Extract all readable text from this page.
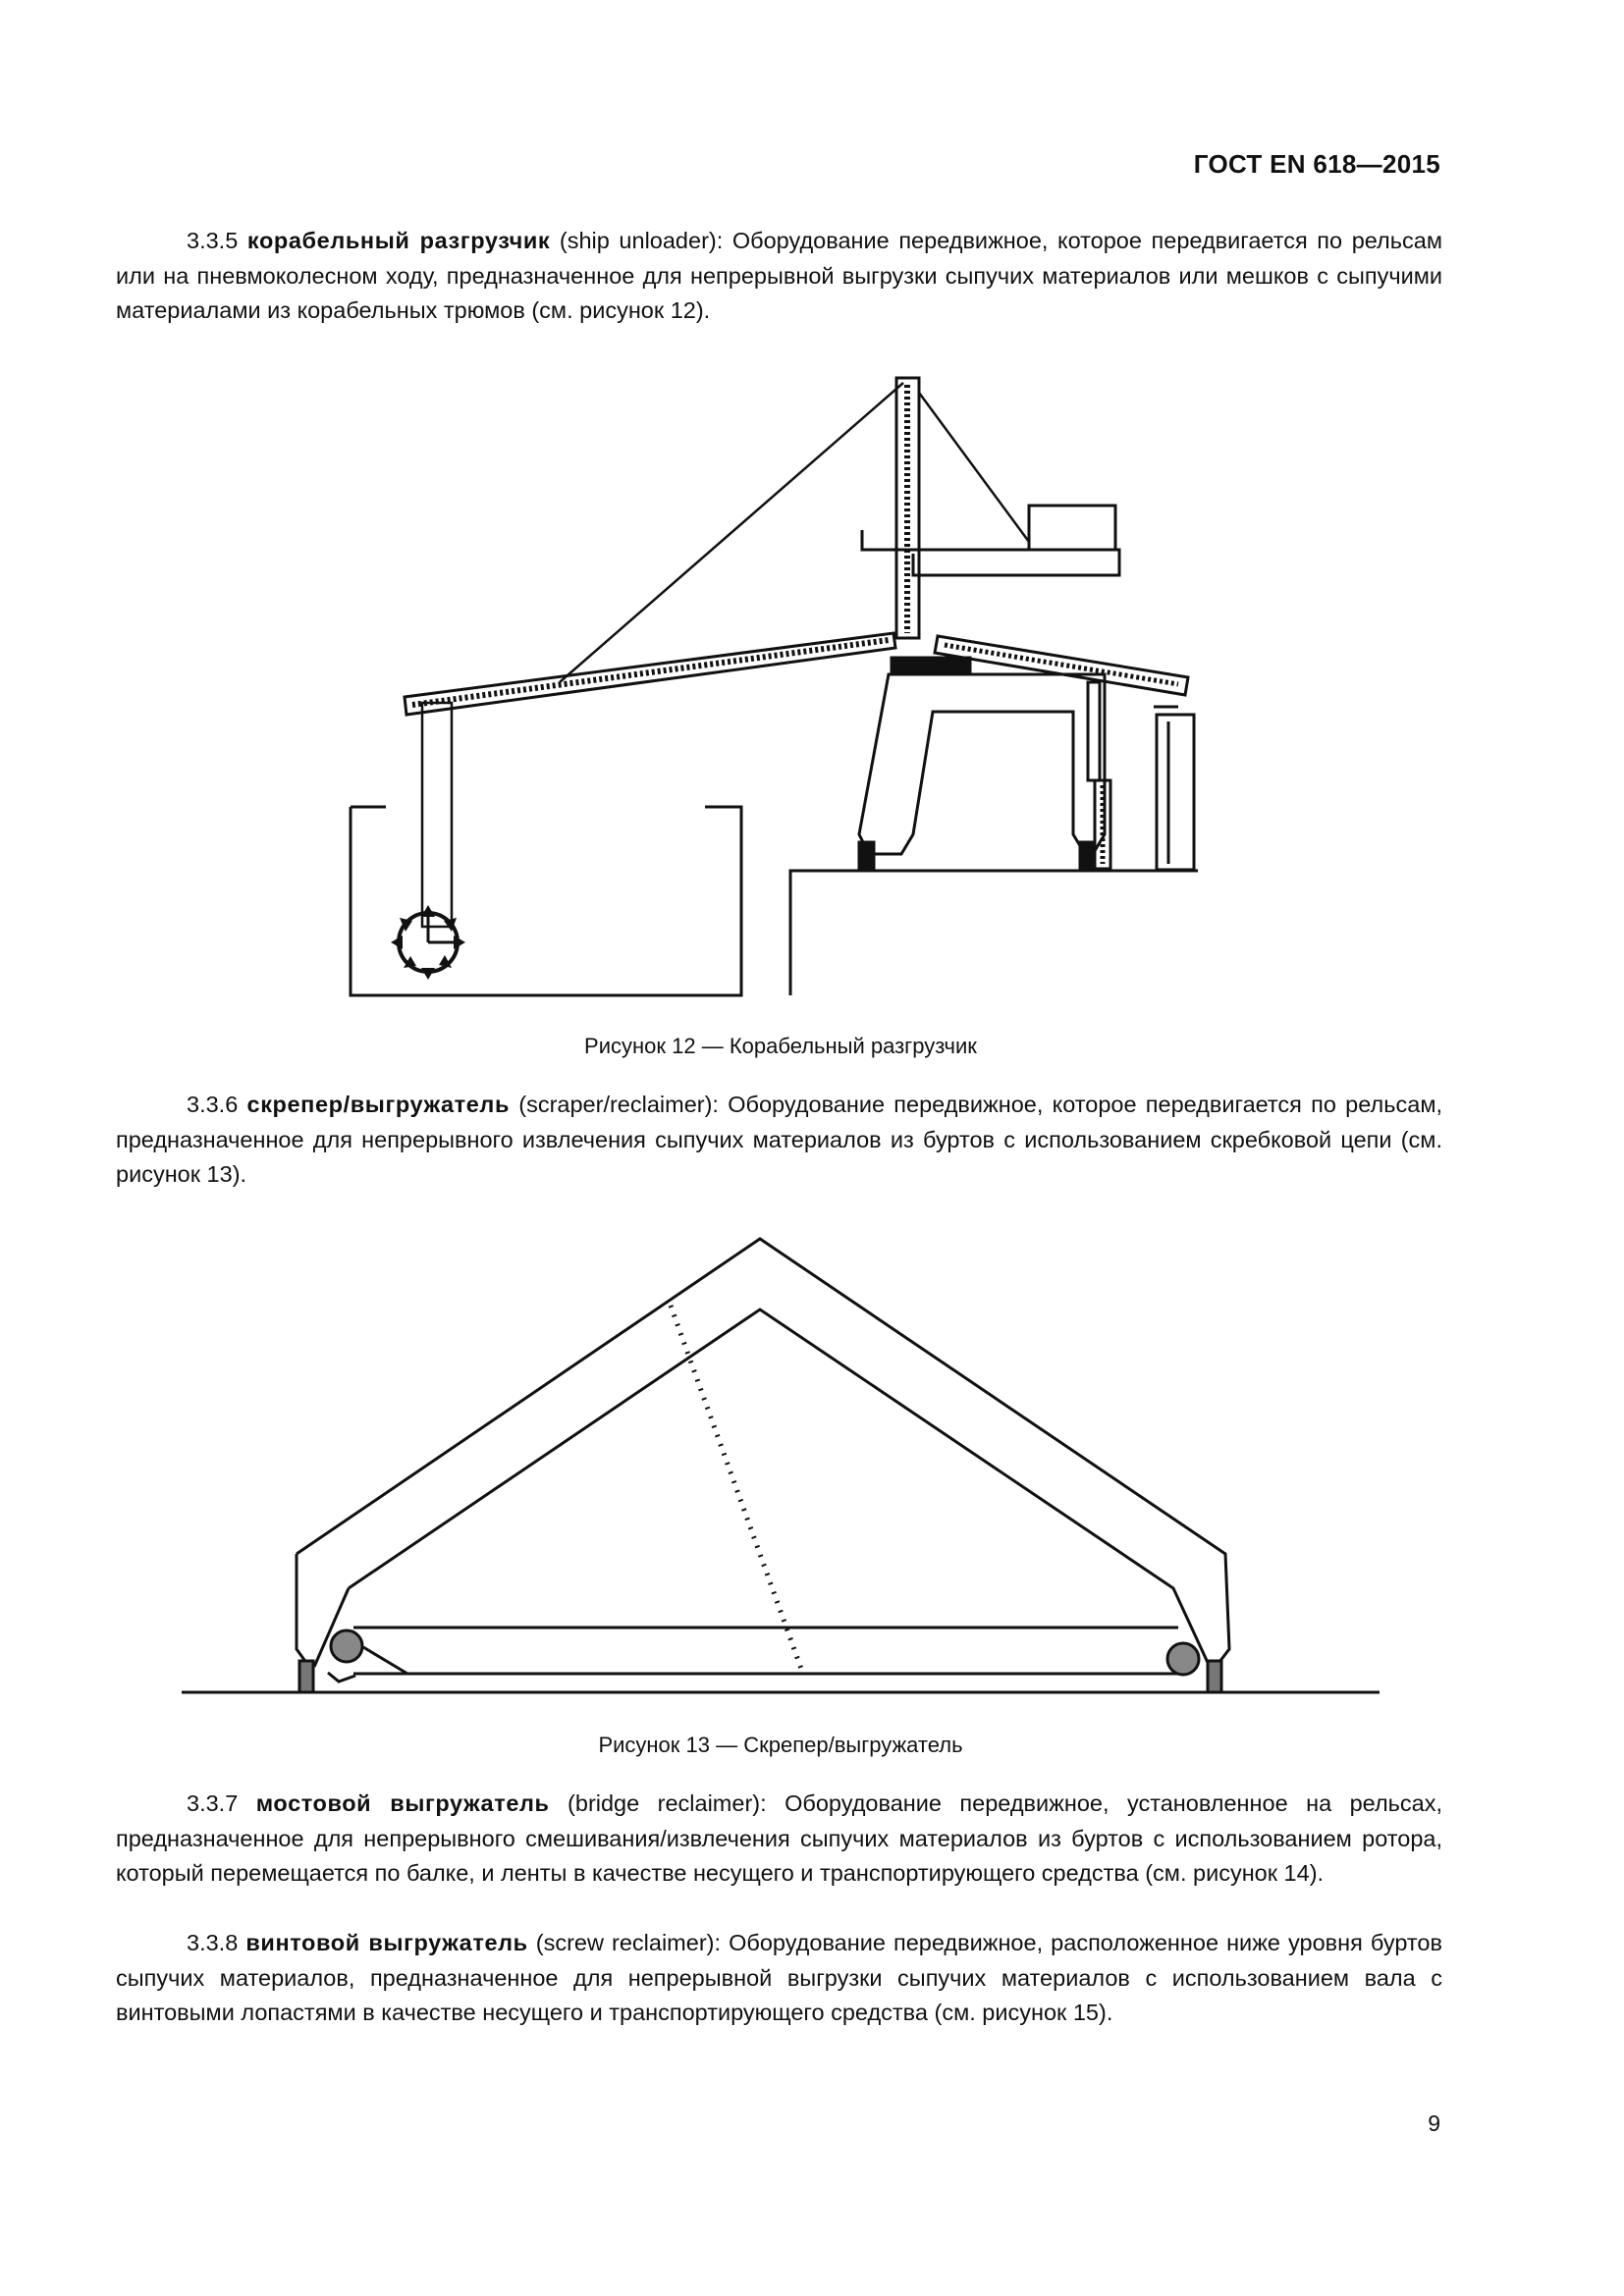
ГОСТ EN 618—2015

3.3.5 корабельный разгрузчик (ship unloader): Оборудование передвижное, которое передвигается по рельсам или на пневмоколесном ходу, предназначенное для непрерывной выгрузки сыпучих материалов или мешков с сыпучими материалами из корабельных трюмов (см. рисунок 12).

Рисунок 12 — Корабельный разгрузчик

3.3.6 скрепер/выгружатель (scraper/reclaimer): Оборудование передвижное, которое передвигается по рельсам, предназначенное для непрерывного извлечения сыпучих материалов из буртов с использованием скребковой цепи (см. рисунок 13).

Рисунок 13 — Скрепер/выгружатель

3.3.7 мостовой выгружатель (bridge reclaimer): Оборудование передвижное, установленное на рельсах, предназначенное для непрерывного смешивания/извлечения сыпучих материалов из буртов с использованием ротора, который перемещается по балке, и ленты в качестве несущего и транспортирующего средства (см. рисунок 14).

3.3.8 винтовой выгружатель (screw reclaimer): Оборудование передвижное, расположенное ниже уровня буртов сыпучих материалов, предназначенное для непрерывной выгрузки сыпучих материалов с использованием вала с винтовыми лопастями в качестве несущего и транспортирующего средства (см. рисунок 15).

9
